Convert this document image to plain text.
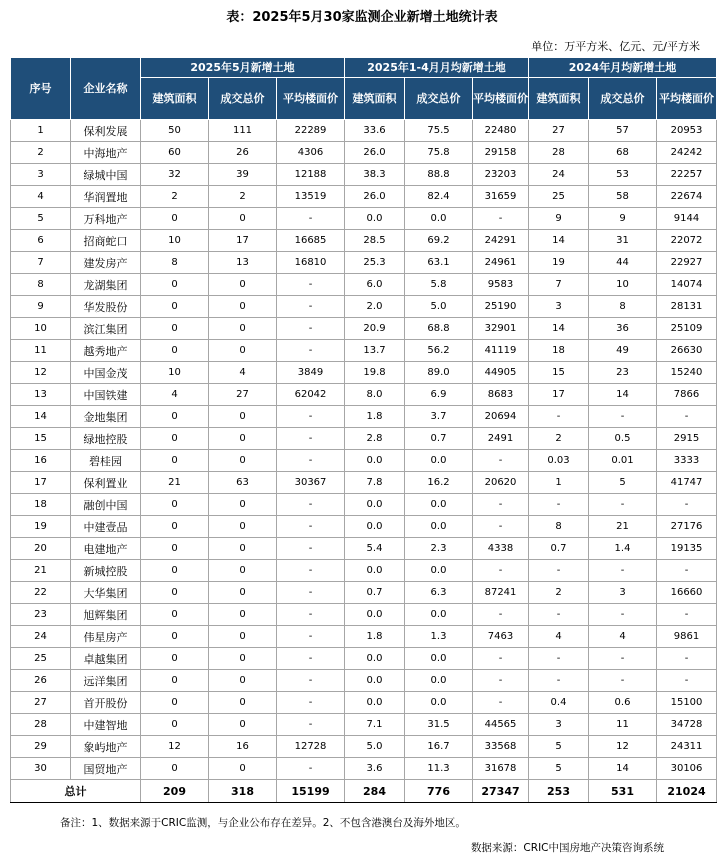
表：2025年5月30家监测企业新增土地统计表
单位：万平方米、亿元、元/平方米
序号	企业名称	2025年5月新增土地			2025年1-4月月均新增土地			2024年月均新增土地		
		建筑面积	成交总价	平均楼面价	建筑面积	成交总价	平均楼面价	建筑面积	成交总价	平均楼面价
1	保利发展	50	111	22289	33.6	75.5	22480	27	57	20953
2	中海地产	60	26	4306	26.0	75.8	29158	28	68	24242
3	绿城中国	32	39	12188	38.3	88.8	23203	24	53	22257
4	华润置地	2	2	13519	26.0	82.4	31659	25	58	22674
5	万科地产	0	0	-	0.0	0.0	-	9	9	9144
6	招商蛇口	10	17	16685	28.5	69.2	24291	14	31	22072
7	建发房产	8	13	16810	25.3	63.1	24961	19	44	22927
8	龙湖集团	0	0	-	6.0	5.8	9583	7	10	14074
9	华发股份	0	0	-	2.0	5.0	25190	3	8	28131
10	滨江集团	0	0	-	20.9	68.8	32901	14	36	25109
11	越秀地产	0	0	-	13.7	56.2	41119	18	49	26630
12	中国金茂	10	4	3849	19.8	89.0	44905	15	23	15240
13	中国铁建	4	27	62042	8.0	6.9	8683	17	14	7866
14	金地集团	0	0	-	1.8	3.7	20694	-	-	-
15	绿地控股	0	0	-	2.8	0.7	2491	2	0.5	2915
16	碧桂园	0	0	-	0.0	0.0	-	0.03	0.01	3333
17	保利置业	21	63	30367	7.8	16.2	20620	1	5	41747
18	融创中国	0	0	-	0.0	0.0	-	-	-	-
19	中建壹品	0	0	-	0.0	0.0	-	8	21	27176
20	电建地产	0	0	-	5.4	2.3	4338	0.7	1.4	19135
21	新城控股	0	0	-	0.0	0.0	-	-	-	-
22	大华集团	0	0	-	0.7	6.3	87241	2	3	16660
23	旭辉集团	0	0	-	0.0	0.0	-	-	-	-
24	伟星房产	0	0	-	1.8	1.3	7463	4	4	9861
25	卓越集团	0	0	-	0.0	0.0	-	-	-	-
26	远洋集团	0	0	-	0.0	0.0	-	-	-	-
27	首开股份	0	0	-	0.0	0.0	-	0.4	0.6	15100
28	中建智地	0	0	-	7.1	31.5	44565	3	11	34728
29	象屿地产	12	16	12728	5.0	16.7	33568	5	12	24311
30	国贸地产	0	0	-	3.6	11.3	31678	5	14	30106
总计		209	318	15199	284	776	27347	253	531	21024
备注：1、数据来源于CRIC监测，与企业公布存在差异。2、不包含港澳台及海外地区。
数据来源：CRIC中国房地产决策咨询系统
